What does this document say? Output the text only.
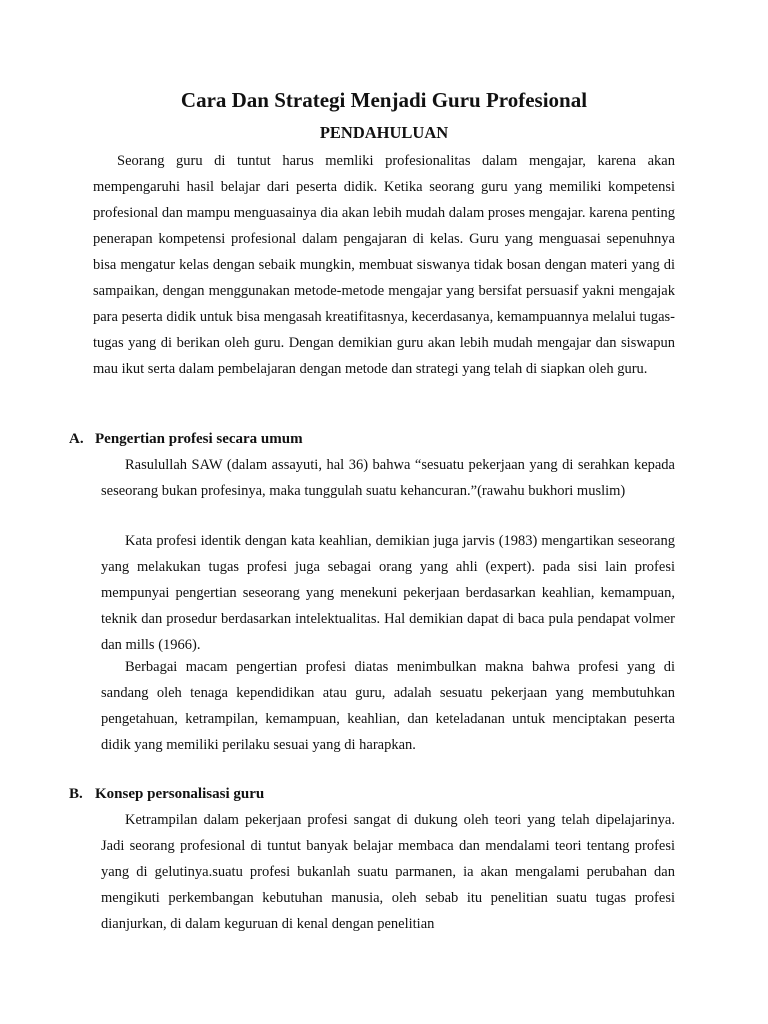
Cara Dan Strategi Menjadi Guru Profesional
PENDAHULUAN

Seorang guru di tuntut harus memliki profesionalitas dalam mengajar, karena akan mempengaruhi hasil belajar dari peserta didik. Ketika seorang guru yang memiliki kompetensi profesional dan mampu menguasainya dia akan lebih mudah dalam proses mengajar. karena penting penerapan kompetensi profesional dalam pengajaran di kelas. Guru yang menguasai sepenuhnya bisa mengatur kelas dengan sebaik mungkin, membuat siswanya tidak bosan dengan materi yang di sampaikan, dengan menggunakan metode-metode mengajar yang bersifat persuasif yakni mengajak para peserta didik untuk bisa mengasah kreatifitasnya, kecerdasanya, kemampuannya melalui tugas-tugas yang di berikan oleh guru. Dengan demikian guru akan lebih mudah mengajar dan siswapun mau ikut serta dalam pembelajaran dengan metode dan strategi yang telah di siapkan oleh guru.

A. Pengertian profesi secara umum

Rasulullah SAW (dalam assayuti, hal 36) bahwa “sesuatu pekerjaan yang di serahkan kepada seseorang bukan profesinya, maka tunggulah suatu kehancuran.”(rawahu bukhori muslim)

Kata profesi identik dengan kata keahlian, demikian juga jarvis (1983) mengartikan seseorang yang melakukan tugas profesi juga sebagai orang yang ahli (expert). pada sisi lain profesi mempunyai pengertian seseorang yang menekuni pekerjaan berdasarkan keahlian, kemampuan, teknik dan prosedur berdasarkan intelektualitas. Hal demikian dapat di baca pula pendapat volmer dan mills (1966).

Berbagai macam pengertian profesi diatas menimbulkan makna bahwa profesi yang di sandang oleh tenaga kependidikan atau guru, adalah sesuatu pekerjaan yang membutuhkan pengetahuan, ketrampilan, kemampuan, keahlian, dan keteladanan untuk menciptakan peserta didik yang memiliki perilaku sesuai yang di harapkan.

B. Konsep personalisasi guru

Ketrampilan dalam pekerjaan profesi sangat di dukung oleh teori yang telah dipelajarinya. Jadi seorang profesional di tuntut banyak belajar membaca dan mendalami teori tentang profesi yang di gelutinya.suatu profesi bukanlah suatu parmanen, ia akan mengalami perubahan dan mengikuti perkembangan kebutuhan manusia, oleh sebab itu penelitian suatu tugas profesi dianjurkan, di dalam keguruan di kenal dengan penelitian
